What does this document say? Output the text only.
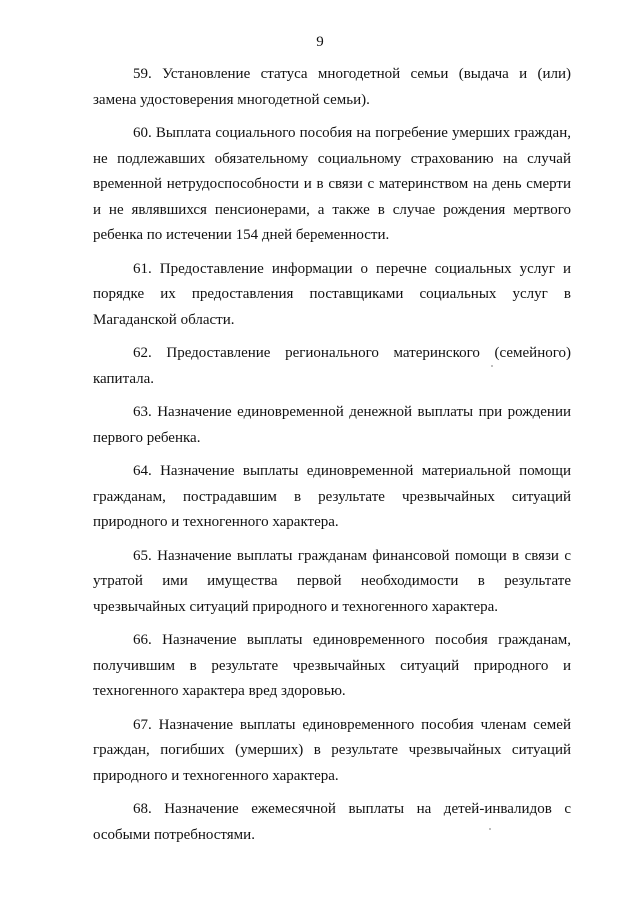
9

59. Установление статуса многодетной семьи (выдача и (или) замена удостоверения многодетной семьи).

60. Выплата социального пособия на погребение умерших граждан, не подлежавших обязательному социальному страхованию на случай временной нетрудоспособности и в связи с материнством на день смерти и не являвшихся пенсионерами, а также в случае рождения мертвого ребенка по истечении 154 дней беременности.

61. Предоставление информации о перечне социальных услуг и порядке их предоставления поставщиками социальных услуг в Магаданской области.

62. Предоставление регионального материнского (семейного) капитала.

63. Назначение единовременной денежной выплаты при рождении первого ребенка.

64. Назначение выплаты единовременной материальной помощи гражданам, пострадавшим в результате чрезвычайных ситуаций природного и техногенного характера.

65. Назначение выплаты гражданам финансовой помощи в связи с утратой ими имущества первой необходимости в результате чрезвычайных ситуаций природного и техногенного характера.

66. Назначение выплаты единовременного пособия гражданам, получившим в результате чрезвычайных ситуаций природного и техногенного характера вред здоровью.

67. Назначение выплаты единовременного пособия членам семей граждан, погибших (умерших) в результате чрезвычайных ситуаций природного и техногенного характера.

68. Назначение ежемесячной выплаты на детей-инвалидов с особыми потребностями.
